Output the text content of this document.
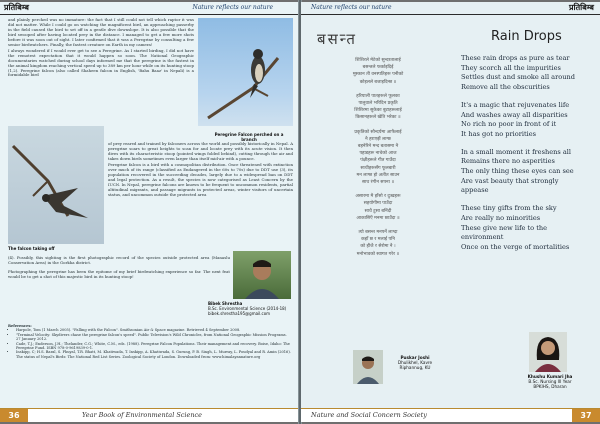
प्रतिबिम्ब	Nature reflects our nature

and plainly perched was no immature: the fact that I still could not tell which raptor it was did not matter. While I could go on watching the magnificent bird, an approaching passerby in the field caused the bird to set off in a gentle dive downslope. It is also possible that the bird swooped after having located prey in the distance. I managed to get a few more shots before it was soon out of sight. I later confirmed that it was a Peregrine by consulting a few senior birdwatchers. Finally, the fastest creature on Earth in my camera!

I always wondered if I would ever get to see a Peregrine. As I started birding, I did not have the remotest expectation that it would happen so soon. The National Geographic documentaries watched during school days informed me that the peregrine is the fastest in the animal kingdom reaching vertical speed up to 389 km per hour while on its hunting stoop (1,2). Peregrine falcon (also called Shaheen falcon in English, 'Bahu Baaz' in Nepali) is a formidable bird

Peregrine Falcon perched on a branch
The falcon taking off

of prey reared and trained by falconers across the world and possibly historically in Nepal. A peregrine soars to great heights to scan for and locate prey with its acute vision. It then dives with its characteristic stoop (pointed wings folded behind), cutting through the air and takes down birds sometimes even larger than itself mid-air with a pounce.

Peregrine falcon is a bird with a cosmopolitan distribution. Once threatened with extinction over much of its range (classified as Endangered in the 60s to 70s) due to DDT use (3), its population recovered in the succeeding decades, largely due to a widespread ban on DDT and legal protection. As a result, the species is now categorised as Least Concern by the IUCN. In Nepal, peregrine falcons are known to be frequent to uncommon residents, partial altitudinal migrants, and passage migrants in protected areas, winter visitors of uncertain status, and uncommon outside the protected area

(4). Possibly, this sighting is the first photographic record of the species outside protected area (Manaslu Conservation Area) in the Gorkha district.

Photographing the peregrine has been the epitome of my brief birdwatching experience so far. The next feat would be to get a shot of this majestic bird in its hunting stoop!

Bibek Shrestha
B.Sc. Environmental Science (2014-18)
bibek.shrestha195@gmail.com
References:
• Harpole, Tom (1 March 2005). "Falling with the Falcon". Smithsonian Air & Space magazine. Retrieved 4 September 2008.
• "Terminal Velocity: Skydivers chase the peregrine falcon's speed". Public Television's Wild Chronicles, from National Geographic Mission Programs. 27 January 2012.
• Cade, T.J.; Enderson, J.H.; Thelander, C.G.; White, C.M., eds. (1988). Peregrine Falcon Populations. Their management and recovery. Boise, Idaho: The Peregrine Fund. ISBN 978-0-9619839-0-1.
• Inskipp, C; H.S. Baral, S. Phuyal, T.R. Bhatt, M. Khatiwada, T. Inskipp, A. Khatiwada, S. Gurung, P. B. Singh, L. Murray, L. Poudyal and R. Amin (2016). The status of Nepal's Birds: The National Red List Series. Zoological Society of London. Downloaded from: www.himalayannature.org
36	Year Book of Environmental Science
Nature reflects our nature	प्रतिबिम्ब
बसन्त	Rain Drops
शिशिरले मेटेको सुन्दरतालाई
बसन्तले फर्काइदिई
मुस्कान ती वनस्पतिहरू पनीको
कोइलले बजाइदिन्छ ॥
हरियाली पातहरूले फूलका
पालुवाले भरिदिन प्रकृति
शिशिरमा सुकेका बुटाहरूलाई
किसानहरूले खेति भरेका ॥
प्रकृतिको सौन्दर्यमा आफैलाई
नै हराएझैं लाग्छ
बहनेरिने मन्द बतासमा नै
पहाडहरू नाचेको आज
पंक्षीहरूले गीत गाउँदा
साथीहरूसँग फूलबारी
मन लाग्छ हो अतीत साउन
साथ रंगीन सपना ॥
असारमा मै हाँसो र दुःखहरू
सहयोगीमा पाउँदा
साथै टुसा बनिंदी
आकासिएँ मनमा छाउँदा ॥
त्यो बसन्त मनपर्ने लाग्दा
कहाँ छ र मलाई पनि
को हीजै र सेरोमा नै ।
मनोभावको स्वागत गरेर ॥
These rain drops as pure as tear
They scorch all the impurities
Settles dust and smoke all around
Remove all the obscurities
It's a magic that rejuvenates life
And washes away all disparities
No rich no poor in front of it
It has got no priorities
In a small moment it freshens all
Remains there no asperities
The only thing these eyes can see
Are vast beauty that strongly
appease
These tiny gifts from the sky
Are really no minorities
These give new life to the
environment
Once on the verge of mortalities
Puskar Joshi
Dhulikhel, Kavre
Riphannug, KU
Khushu Kumari Jha
B.Sc. Nursing III Year
BPKIHS, Dharan
Nature and Social Concern Society	37
